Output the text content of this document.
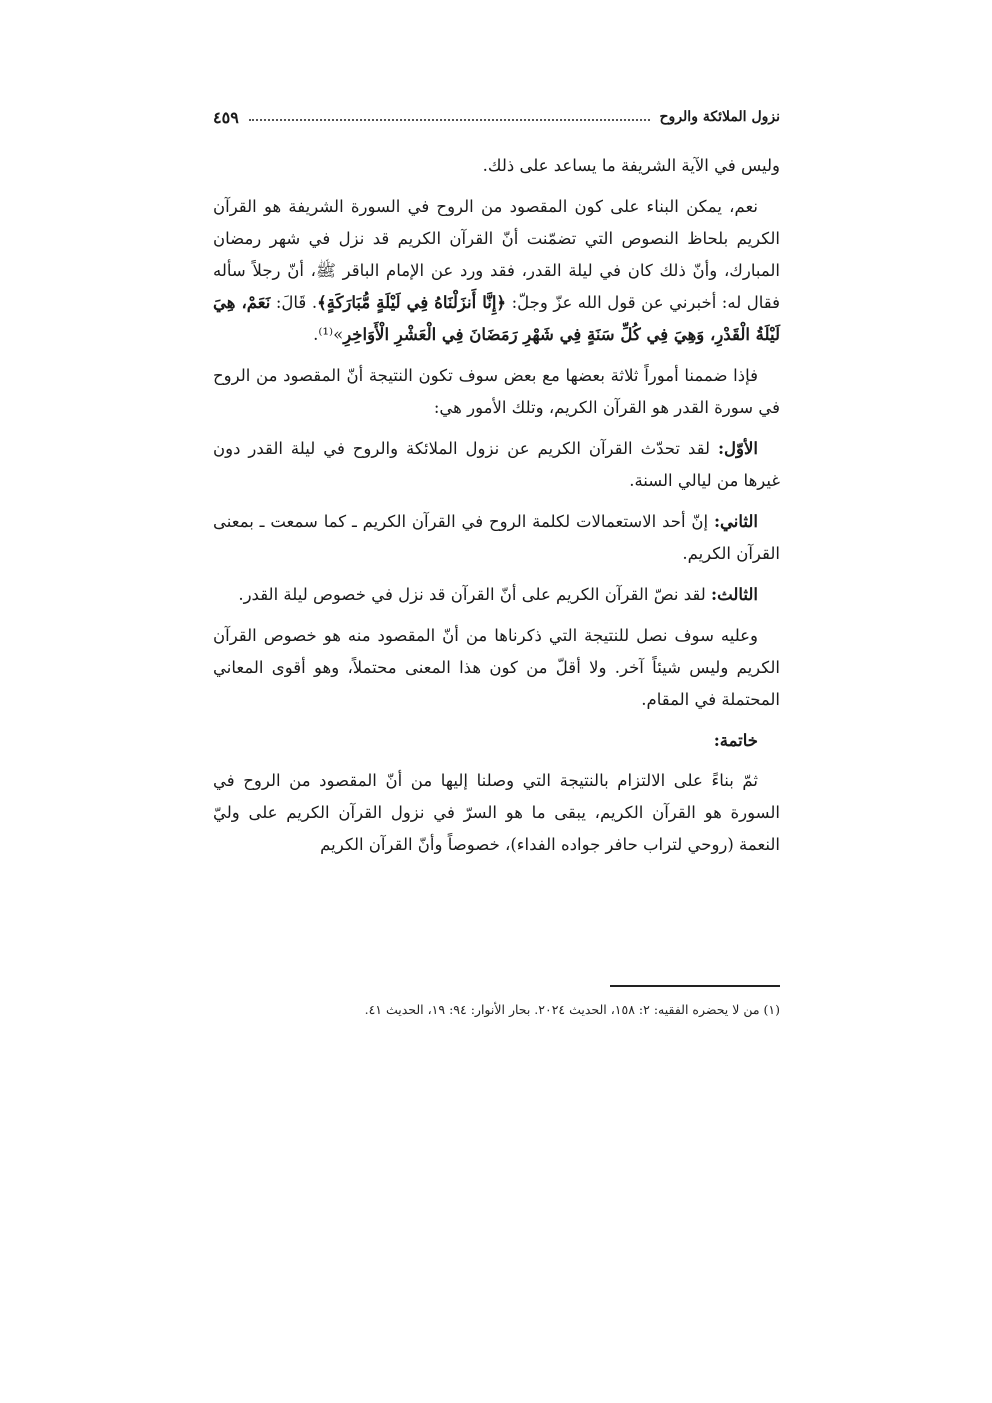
نزول الملائكة والروح
٤٥٩

وليس في الآية الشريفة ما يساعد على ذلك.

نعم، يمكن البناء على كون المقصود من الروح في السورة الشريفة هو القرآن الكريم بلحاظ النصوص التي تضمّنت أنّ القرآن الكريم قد نزل في شهر رمضان المبارك، وأنّ ذلك كان في ليلة القدر، فقد ورد عن الإمام الباقر ﷺ، أنّ رجلاً سأله فقال له: أخبرني عن قول الله عزّ وجلّ: ﴿إِنَّا أَنزَلْنَاهُ فِي لَيْلَةٍ مُّبَارَكَةٍ﴾. قَالَ: نَعَمْ، هِيَ لَيْلَةُ الْقَدْرِ، وَهِيَ فِي كُلِّ سَنَةٍ فِي شَهْرِ رَمَضَانَ فِي الْعَشْرِ الْأَوَاخِرِ»⁽¹⁾.

فإذا ضممنا أموراً ثلاثة بعضها مع بعض سوف تكون النتيجة أنّ المقصود من الروح في سورة القدر هو القرآن الكريم، وتلك الأمور هي:

الأوّل: لقد تحدّث القرآن الكريم عن نزول الملائكة والروح في ليلة القدر دون غيرها من ليالي السنة.

الثاني: إنّ أحد الاستعمالات لكلمة الروح في القرآن الكريم ـ كما سمعت ـ بمعنى القرآن الكريم.

الثالث: لقد نصّ القرآن الكريم على أنّ القرآن قد نزل في خصوص ليلة القدر.

وعليه سوف نصل للنتيجة التي ذكرناها من أنّ المقصود منه هو خصوص القرآن الكريم وليس شيئاً آخر. ولا أقلّ من كون هذا المعنى محتملاً، وهو أقوى المعاني المحتملة في المقام.

خاتمة:

ثمّ بناءً على الالتزام بالنتيجة التي وصلنا إليها من أنّ المقصود من الروح في السورة هو القرآن الكريم، يبقى ما هو السرّ في نزول القرآن الكريم على وليّ النعمة (روحي لتراب حافر جواده الفداء)، خصوصاً وأنّ القرآن الكريم

(١) من لا يحضره الفقيه: ٢: ١٥٨، الحديث ٢٠٢٤. بحار الأنوار: ٩٤: ١٩، الحديث ٤١.
